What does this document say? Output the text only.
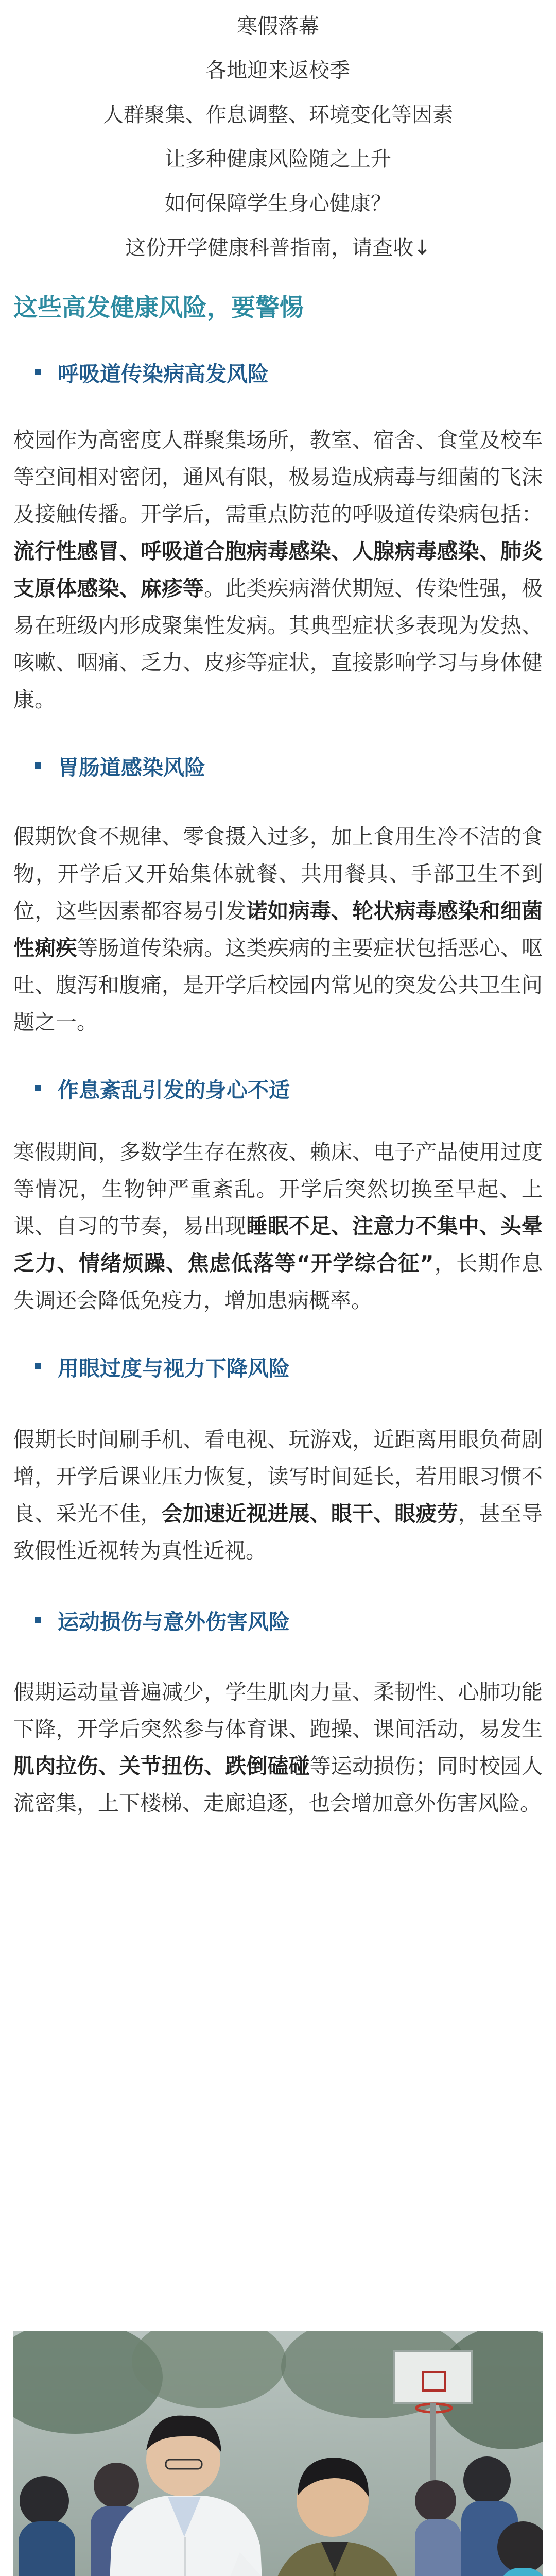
寒假落幕
各地迎来返校季
人群聚集、作息调整、环境变化等因素
让多种健康风险随之上升
如何保障学生身心健康？
这份开学健康科普指南，请查收↓
这些高发健康风险，要警惕
呼吸道传染病高发风险

校园作为高密度人群聚集场所，教室、宿舍、食堂及校车等空间相对密闭，通风有限，极易造成病毒与细菌的飞沫及接触传播。开学后，需重点防范的呼吸道传染病包括：流行性感冒、呼吸道合胞病毒感染、人腺病毒感染、肺炎支原体感染、麻疹等。此类疾病潜伏期短、传染性强，极易在班级内形成聚集性发病。其典型症状多表现为发热、咳嗽、咽痛、乏力、皮疹等症状，直接影响学习与身体健康。

胃肠道感染风险

假期饮食不规律、零食摄入过多，加上食用生冷不洁的食物，开学后又开始集体就餐、共用餐具、手部卫生不到位，这些因素都容易引发诺如病毒、轮状病毒感染和细菌性痢疾等肠道传染病。这类疾病的主要症状包括恶心、呕吐、腹泻和腹痛，是开学后校园内常见的突发公共卫生问题之一。

作息紊乱引发的身心不适

寒假期间，多数学生存在熬夜、赖床、电子产品使用过度等情况，生物钟严重紊乱。开学后突然切换至早起、上课、自习的节奏，易出现睡眠不足、注意力不集中、头晕乏力、情绪烦躁、焦虑低落等“开学综合征”，长期作息失调还会降低免疫力，增加患病概率。

用眼过度与视力下降风险

假期长时间刷手机、看电视、玩游戏，近距离用眼负荷剧增，开学后课业压力恢复，读写时间延长，若用眼习惯不良、采光不佳，会加速近视进展、眼干、眼疲劳，甚至导致假性近视转为真性近视。

运动损伤与意外伤害风险

假期运动量普遍减少，学生肌肉力量、柔韧性、心肺功能下降，开学后突然参与体育课、跑操、课间活动，易发生肌肉拉伤、关节扭伤、跌倒磕碰等运动损伤；同时校园人流密集，上下楼梯、走廊追逐，也会增加意外伤害风险。
